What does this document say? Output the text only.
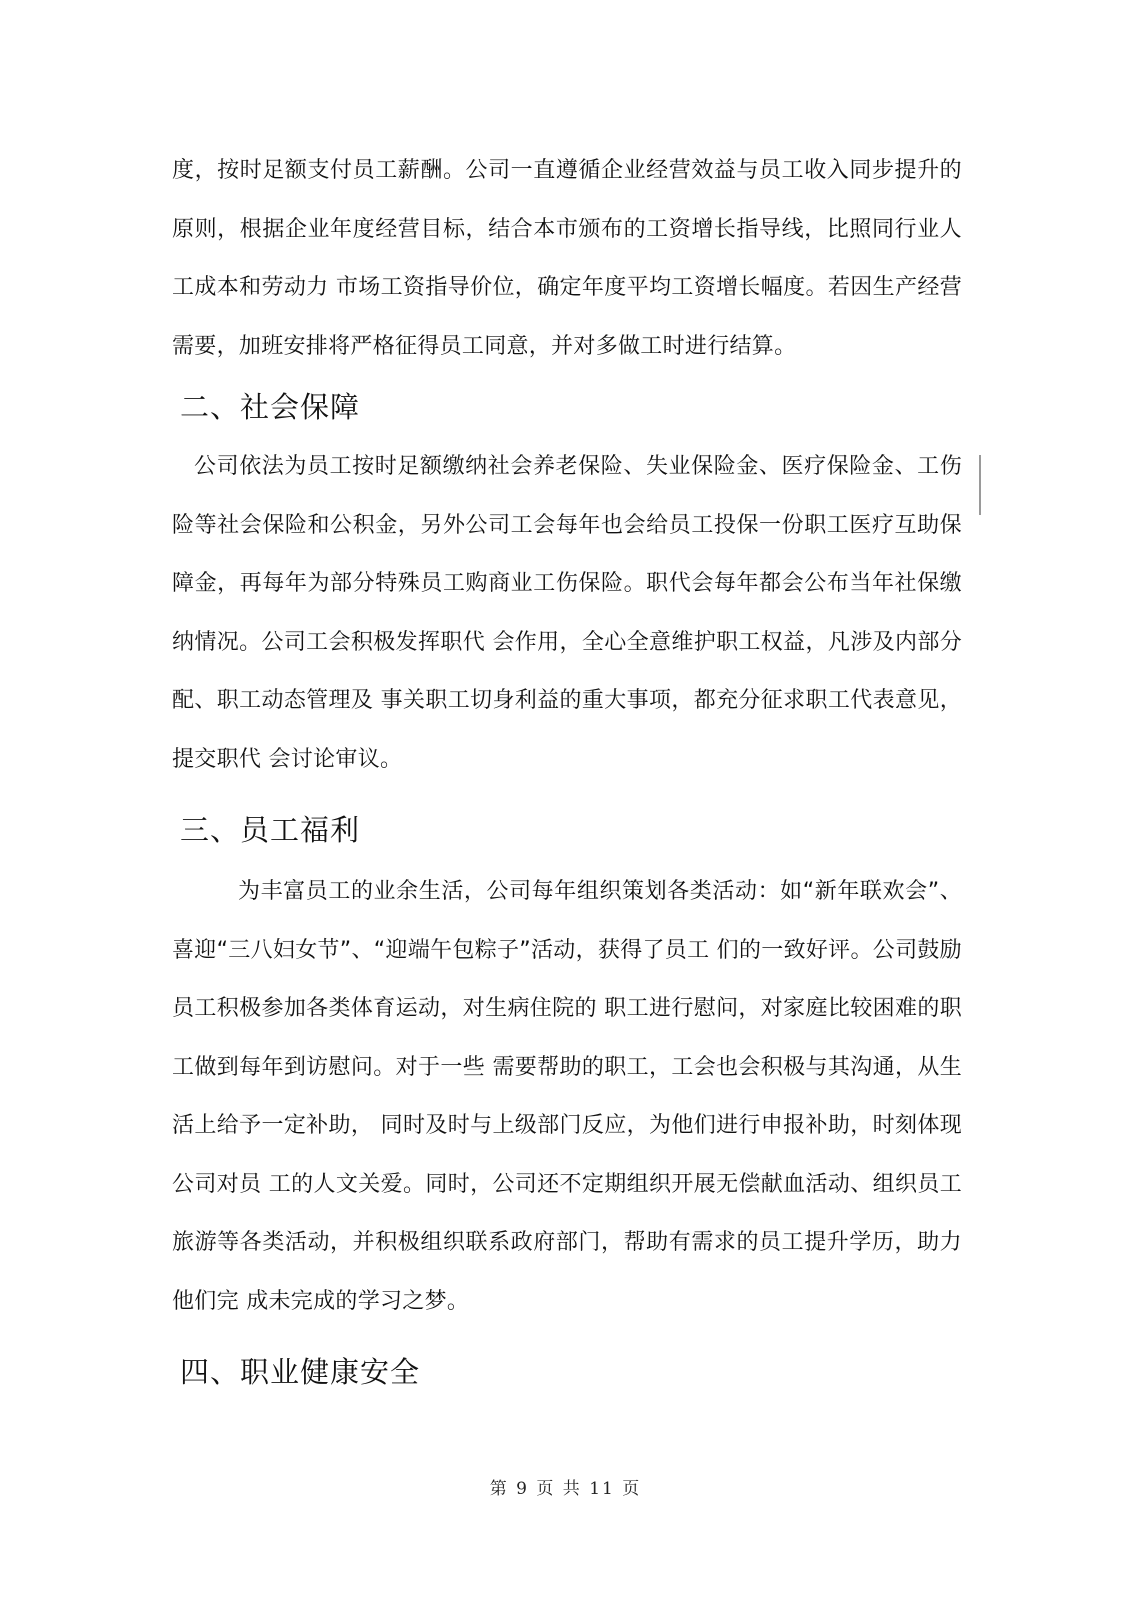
度，按时足额支付员工薪酬。公司一直遵循企业经营效益与员工收入同步提升的原则，根据企业年度经营目标，结合本市颁布的工资增长指导线，比照同行业人工成本和劳动力 市场工资指导价位，确定年度平均工资增长幅度。若因生产经营需要，加班安排将严格征得员工同意，并对多做工时进行结算。

二、社会保障

公司依法为员工按时足额缴纳社会养老保险、失业保险金、医疗保险金、工伤险等社会保险和公积金，另外公司工会每年也会给员工投保一份职工医疗互助保障金，再每年为部分特殊员工购商业工伤保险。职代会每年都会公布当年社保缴纳情况。公司工会积极发挥职代 会作用，全心全意维护职工权益，凡涉及内部分配、职工动态管理及 事关职工切身利益的重大事项，都充分征求职工代表意见，提交职代 会讨论审议。

三、员工福利

为丰富员工的业余生活，公司每年组织策划各类活动：如“新年联欢会”、喜迎“三八妇女节”、“迎端午包粽子”活动，获得了员工 们的一致好评。公司鼓励员工积极参加各类体育运动，对生病住院的 职工进行慰问，对家庭比较困难的职工做到每年到访慰问。对于一些 需要帮助的职工，工会也会积极与其沟通，从生活上给予一定补助， 同时及时与上级部门反应，为他们进行申报补助，时刻体现公司对员 工的人文关爱。同时，公司还不定期组织开展无偿献血活动、组织员工旅游等各类活动，并积极组织联系政府部门，帮助有需求的员工提升学历，助力他们完 成未完成的学习之梦。

四、职业健康安全
第 9 页 共 11 页
